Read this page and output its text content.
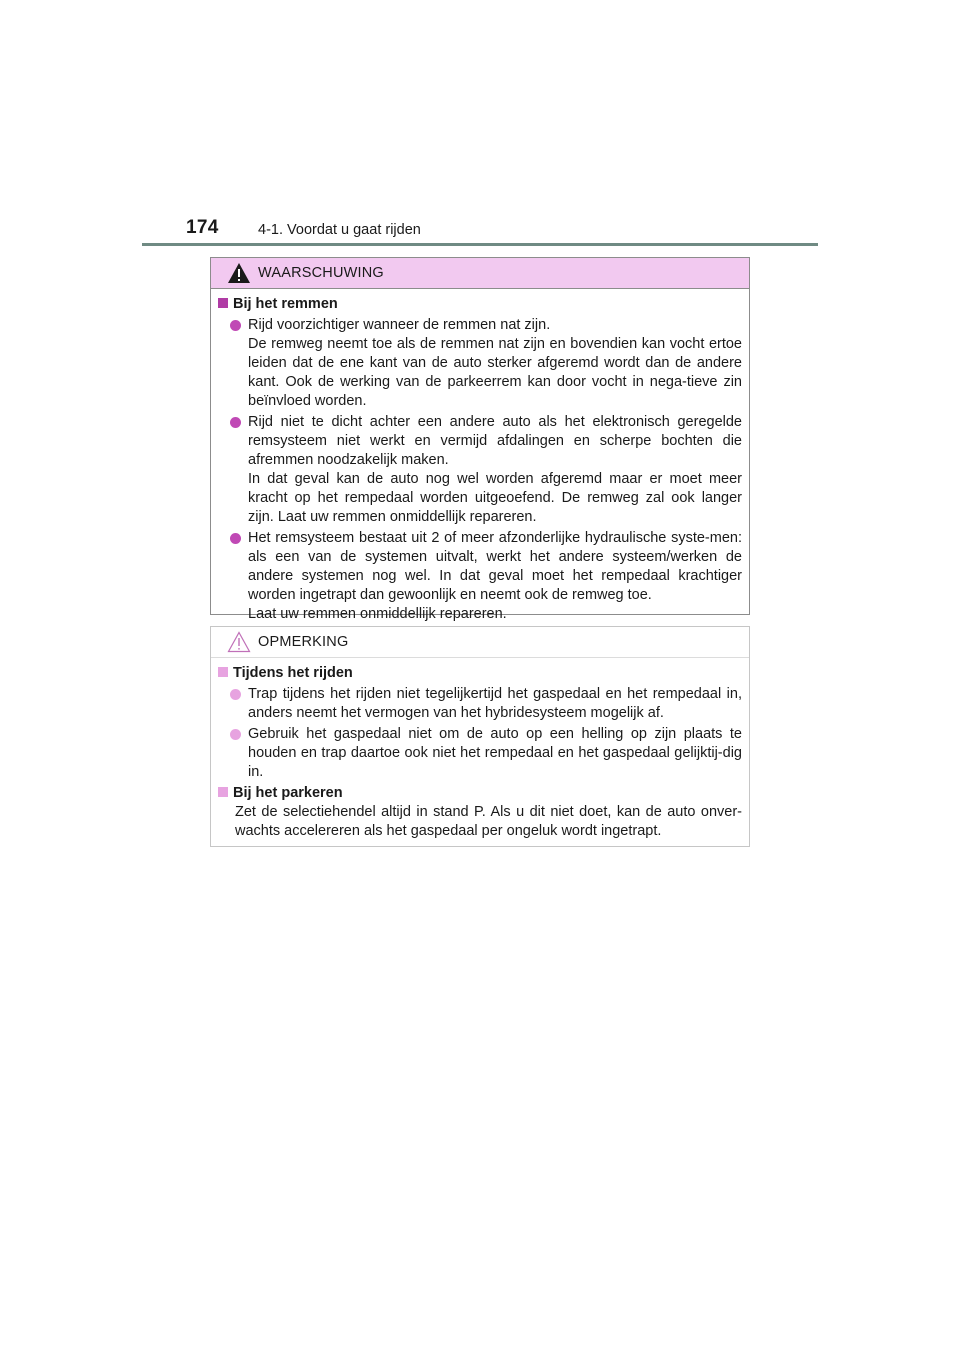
174	4-1. Voordat u gaat rijden
WAARSCHUWING
Bij het remmen

Rijd voorzichtiger wanneer de remmen nat zijn.

De remweg neemt toe als de remmen nat zijn en bovendien kan vocht ertoe leiden dat de ene kant van de auto sterker afgeremd wordt dan de andere kant. Ook de werking van de parkeerrem kan door vocht in nega-tieve zin beïnvloed worden.

Rijd niet te dicht achter een andere auto als het elektronisch geregelde remsysteem niet werkt en vermijd afdalingen en scherpe bochten die afremmen noodzakelijk maken.

In dat geval kan de auto nog wel worden afgeremd maar er moet meer kracht op het rempedaal worden uitgeoefend. De remweg zal ook langer zijn. Laat uw remmen onmiddellijk repareren.

Het remsysteem bestaat uit 2 of meer afzonderlijke hydraulische syste-men: als een van de systemen uitvalt, werkt het andere systeem/werken de andere systemen nog wel. In dat geval moet het rempedaal krachtiger worden ingetrapt dan gewoonlijk en neemt ook de remweg toe.

Laat uw remmen onmiddellijk repareren.

OPMERKING
Tijdens het rijden
Trap tijdens het rijden niet tegelijkertijd het gaspedaal en het rempedaal in, anders neemt het vermogen van het hybridesysteem mogelijk af.
Gebruik het gaspedaal niet om de auto op een helling op zijn plaats te houden en trap daartoe ook niet het rempedaal en het gaspedaal gelijktij-dig in.
Bij het parkeren

Zet de selectiehendel altijd in stand P. Als u dit niet doet, kan de auto onver-wachts accelereren als het gaspedaal per ongeluk wordt ingetrapt.
